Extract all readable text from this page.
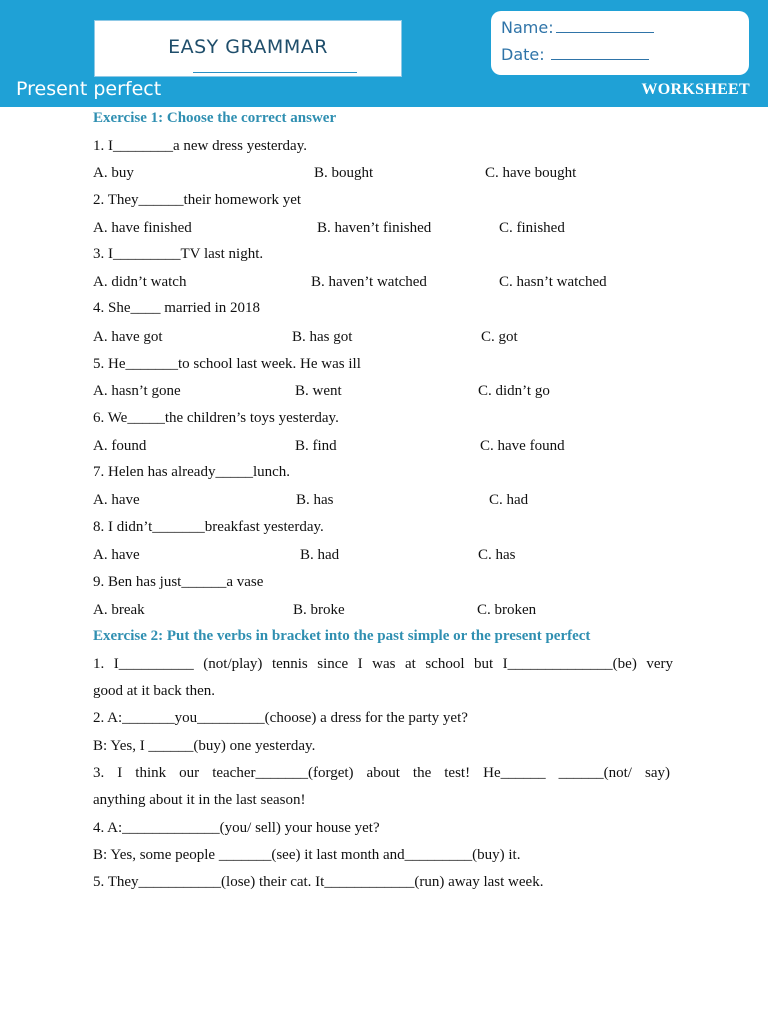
EASY GRAMMAR
Name:
Date:
Present perfect	WORKSHEET
Exercise 1: Choose the correct answer
1. I________a new dress yesterday.
A. buy	B. bought	C. have bought
2. They______their homework yet
A. have finished	B. haven’t finished	C. finished
3. I_________TV last night.
A. didn’t watch	B. haven’t watched	C. hasn’t watched
4. She____ married in 2018
A. have got	B. has got	C. got
5. He_______to school last week. He was ill
A. hasn’t gone	B. went	C. didn’t go
6. We_____the children’s toys yesterday.
A. found	B. find	C. have found
7. Helen has already_____lunch.
A. have	B. has	C. had
8. I didn’t_______breakfast yesterday.
A. have	B. had	C. has
9. Ben has just______a vase
A. break	B. broke	C. broken
Exercise 2: Put the verbs in bracket into the past simple or the present perfect
1. I__________ (not/play) tennis since I was at school but I______________(be) very
good at it back then.
2. A:_______you_________(choose) a dress for the party yet?
B: Yes, I ______(buy) one yesterday.
3. I think our teacher_______(forget) about the test! He______ ______(not/ say)
anything about it in the last season!
4. A:_____________(you/ sell) your house yet?
B: Yes, some people _______(see) it last month and_________(buy) it.
5. They___________(lose) their cat. It____________(run) away last week.
